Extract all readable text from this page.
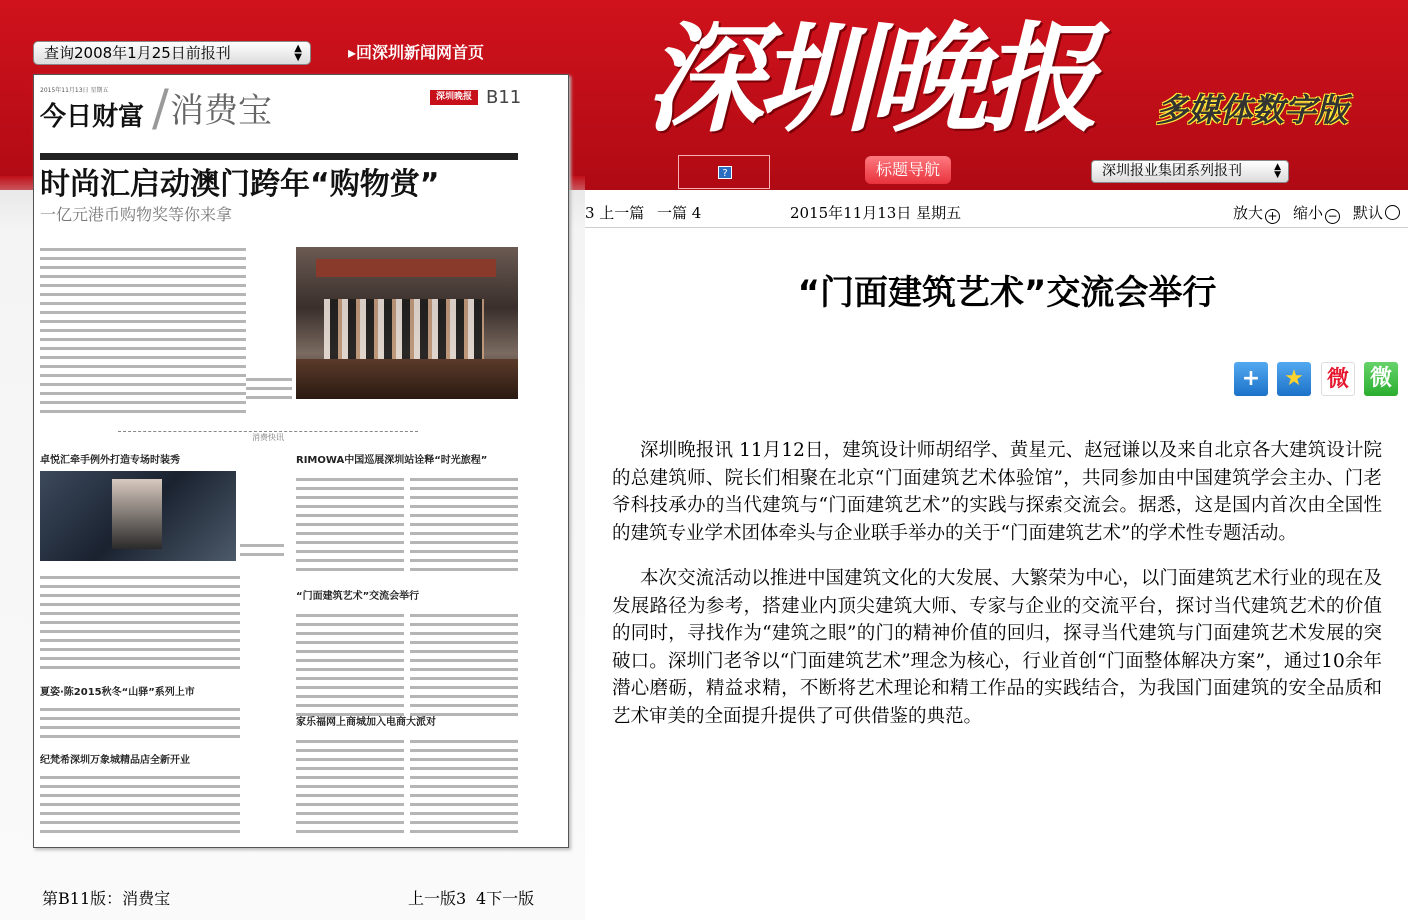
查询2008年1月25日前报刊	▲
▼	▸回深圳新闻网首页 深圳晚报 多媒体数字版
?	标题导航	深圳报业集团系列报刊	▲
▼
3 上一篇 一篇 4	2015年11月13日 星期五	放大 + 缩小 − 默认
“门面建筑艺术”交流会举行
+	★	微 微

深圳晚报讯 11月12日，建筑设计师胡绍学、黄星元、赵冠谦以及来自北京各大建筑设计院的总建筑师、院长们相聚在北京“门面建筑艺术体验馆”，共同参加由中国建筑学会主办、门老爷科技承办的当代建筑与“门面建筑艺术”的实践与探索交流会。据悉，这是国内首次由全国性的建筑专业学术团体牵头与企业联手举办的关于“门面建筑艺术”的学术性专题活动。

本次交流活动以推进中国建筑文化的大发展、大繁荣为中心，以门面建筑艺术行业的现在及发展路径为参考，搭建业内顶尖建筑大师、专家与企业的交流平台，探讨当代建筑艺术的价值的同时，寻找作为“建筑之眼”的门的精神价值的回归，探寻当代建筑与门面建筑艺术发展的突破口。深圳门老爷以“门面建筑艺术”理念为核心，行业首创“门面整体解决方案”，通过10余年潜心磨砺，精益求精，不断将艺术理论和精工作品的实践结合，为我国门面建筑的安全品质和艺术审美的全面提升提供了可供借鉴的典范。

2015年11月13日 星期五
今日财富 / 消费宝	深圳晚报 B11
时尚汇启动澳门跨年“购物赏”
一亿元港币购物奖等你来拿
消费快讯
卓悦汇牵手例外打造专场时装秀	RIMOWA中国巡展深圳站诠释“时光旅程”
“门面建筑艺术”交流会举行
夏姿·陈2015秋冬“山驿”系列上市
家乐福网上商城加入电商大派对
纪梵希深圳万象城精品店全新开业
第B11版：消费宝	上一版3 4下一版
